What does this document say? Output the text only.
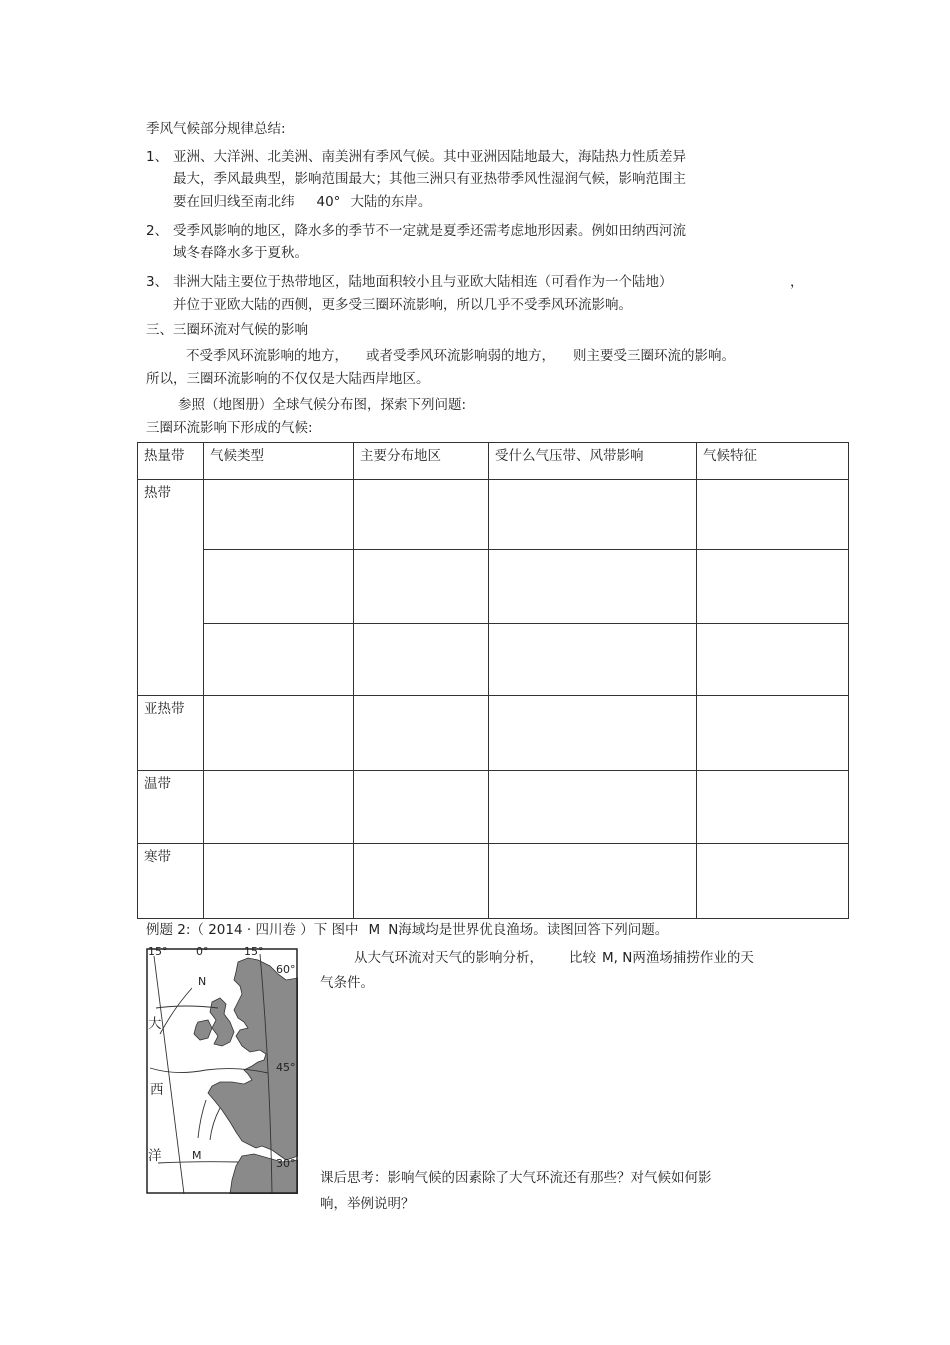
季风气候部分规律总结:
1、 亚洲、大洋洲、北美洲、南美洲有季风气候。其中亚洲因陆地最大，海陆热力性质差异
最大，季风最典型，影响范围最大；其他三洲只有亚热带季风性湿润气候，影响范围主
要在回归线至南北纬 40° 大陆的东岸。
2、 受季风影响的地区，降水多的季节不一定就是夏季还需考虑地形因素。例如田纳西河流
域冬春降水多于夏秋。
3、 非洲大陆主要位于热带地区，陆地面积较小且与亚欧大陆相连（可看作为一个陆地）	，
并位于亚欧大陆的西侧，更多受三圈环流影响，所以几乎不受季风环流影响。
三、三圈环流对气候的影响
不受季风环流影响的地方， 或者受季风环流影响弱的地方， 则主要受三圈环流的影响。
所以，三圈环流影响的不仅仅是大陆西岸地区。
参照（地图册）全球气候分布图，探索下列问题:
三圈环流影响下形成的气候:
热量带	气候类型	主要分布地区	受什么气压带、风带影响	气候特征
热带				

亚热带				
温带				
寒带				
例题 2:（ 2014 · 四川卷 ）下 图中 M N海域均是世界优良渔场。读图回答下列问题。
15°	0°	15°
60°
45°
30°
大
西
洋
N
M
从大气环流对天气的影响分析， 比较 M, N两渔场捕捞作业的天
气条件。
课后思考：影响气候的因素除了大气环流还有那些？对气候如何影
响，举例说明？
